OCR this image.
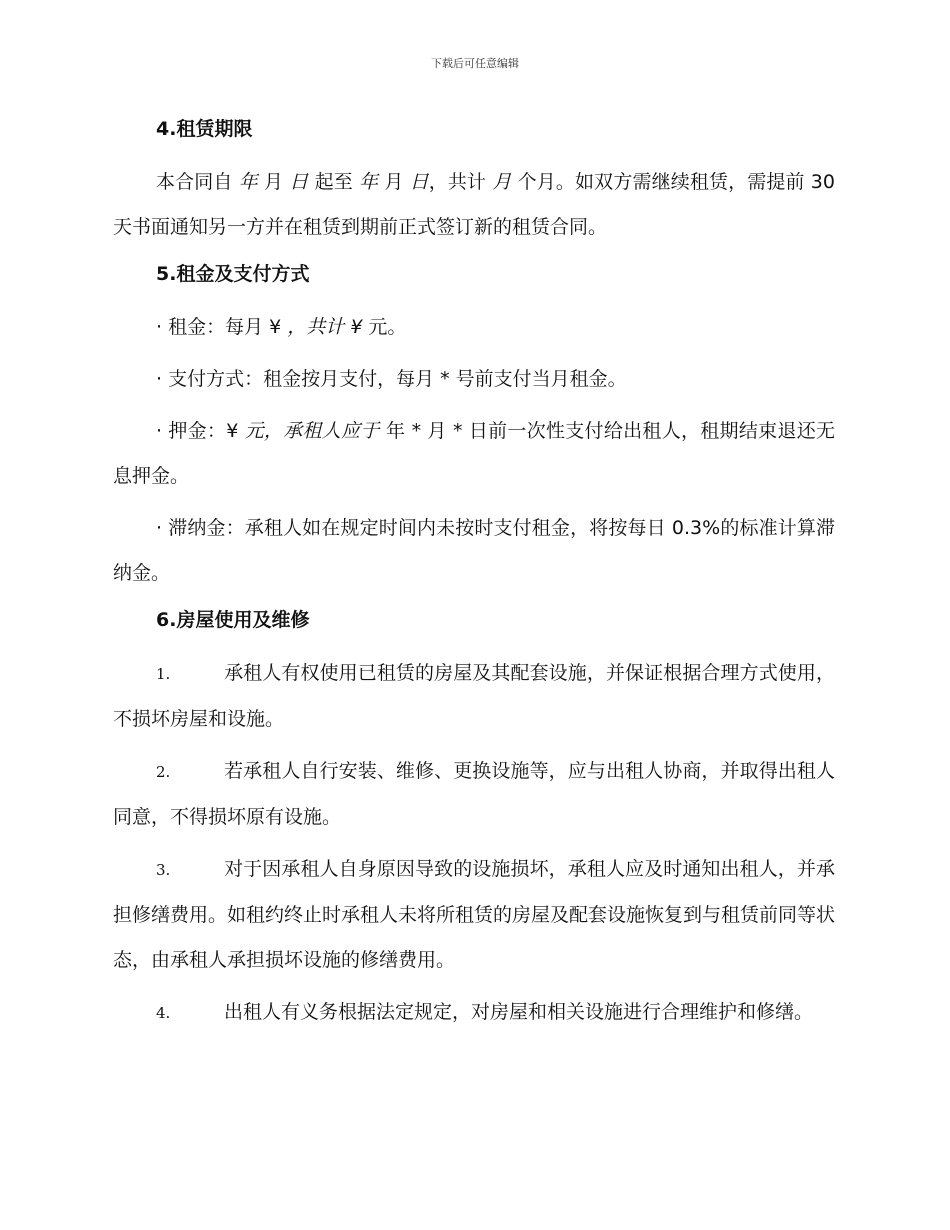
下载后可任意编辑
4.租赁期限

本合同自 年 月 日 起至 年 月 日，共计 月 个月。如双方需继续租赁，需提前 30 天书面通知另一方并在租赁到期前正式签订新的租赁合同。

5.租金及支付方式

· 租金：每月 ¥ ，共计 ¥ 元。

· 支付方式：租金按月支付，每月 * 号前支付当月租金。

· 押金：¥ 元，承租人应于 年 * 月 * 日前一次性支付给出租人，租期结束退还无息押金。

· 滞纳金：承租人如在规定时间内未按时支付租金，将按每日 0.3%的标准计算滞纳金。

6.房屋使用及维修

1.	承租人有权使用已租赁的房屋及其配套设施，并保证根据合理方式使用，不损坏房屋和设施。

2.	若承租人自行安装、维修、更换设施等，应与出租人协商，并取得出租人同意，不得损坏原有设施。

3.	对于因承租人自身原因导致的设施损坏，承租人应及时通知出租人，并承担修缮费用。如租约终止时承租人未将所租赁的房屋及配套设施恢复到与租赁前同等状态，由承租人承担损坏设施的修缮费用。

4.	出租人有义务根据法定规定，对房屋和相关设施进行合理维护和修缮。
